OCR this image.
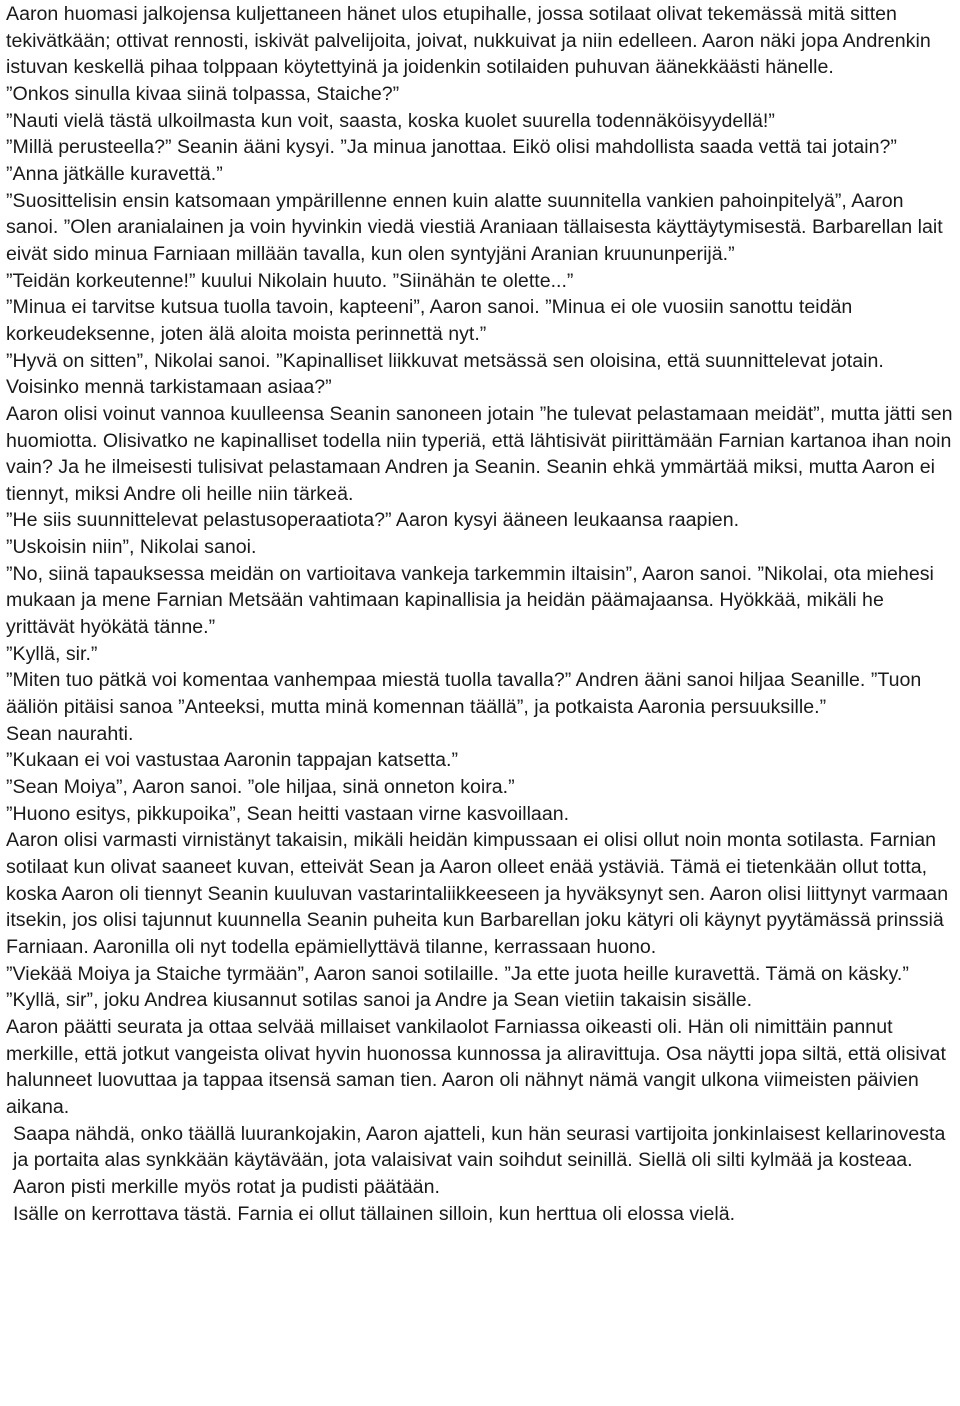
Aaron huomasi jalkojensa kuljettaneen hänet ulos etupihalle, jossa sotilaat olivat tekemässä mitä sitten tekivätkään; ottivat rennosti, iskivät palvelijoita, joivat, nukkuivat ja niin edelleen. Aaron näki jopa Andrenkin istuvan keskellä pihaa tolppaan köytettyinä ja joidenkin sotilaiden puhuvan äänekkäästi hänelle.

”Onkos sinulla kivaa siinä tolpassa, Staiche?”

”Nauti vielä tästä ulkoilmasta kun voit, saasta, koska kuolet suurella todennäköisyydellä!”

”Millä perusteella?” Seanin ääni kysyi. ”Ja minua janottaa. Eikö olisi mahdollista saada vettä tai jotain?”

”Anna jätkälle kuravettä.”

”Suosittelisin ensin katsomaan ympärillenne ennen kuin alatte suunnitella vankien pahoinpitelyä”, Aaron sanoi. ”Olen aranialainen ja voin hyvinkin viedä viestiä Araniaan tällaisesta käyttäytymisestä. Barbarellan lait eivät sido minua Farniaan millään tavalla, kun olen syntyjäni Aranian kruununperijä.”

”Teidän korkeutenne!” kuului Nikolain huuto. ”Siinähän te olette...”

”Minua ei tarvitse kutsua tuolla tavoin, kapteeni”, Aaron sanoi. ”Minua ei ole vuosiin sanottu teidän korkeudeksenne, joten älä aloita moista perinnettä nyt.”

”Hyvä on sitten”, Nikolai sanoi. ”Kapinalliset liikkuvat metsässä sen oloisina, että suunnittelevat jotain. Voisinko mennä tarkistamaan asiaa?”

Aaron olisi voinut vannoa kuulleensa Seanin sanoneen jotain ”he tulevat pelastamaan meidät”, mutta jätti sen huomiotta. Olisivatko ne kapinalliset todella niin typeriä, että lähtisivät piirittämään Farnian kartanoa ihan noin vain? Ja he ilmeisesti tulisivat pelastamaan Andren ja Seanin. Seanin ehkä ymmärtää miksi, mutta Aaron ei tiennyt, miksi Andre oli heille niin tärkeä.

”He siis suunnittelevat pelastusoperaatiota?” Aaron kysyi ääneen leukaansa raapien.

”Uskoisin niin”, Nikolai sanoi.

”No, siinä tapauksessa meidän on vartioitava vankeja tarkemmin iltaisin”, Aaron sanoi. ”Nikolai, ota miehesi mukaan ja mene Farnian Metsään vahtimaan kapinallisia ja heidän päämajaansa. Hyökkää, mikäli he yrittävät hyökätä tänne.”

”Kyllä, sir.”

”Miten tuo pätkä voi komentaa vanhempaa miestä tuolla tavalla?” Andren ääni sanoi hiljaa Seanille. ”Tuon ääliön pitäisi sanoa ”Anteeksi, mutta minä komennan täällä”, ja potkaista Aaronia persuuksille.”

Sean naurahti.

”Kukaan ei voi vastustaa Aaronin tappajan katsetta.”

”Sean Moiya”, Aaron sanoi. ”ole hiljaa, sinä onneton koira.”

”Huono esitys, pikkupoika”, Sean heitti vastaan virne kasvoillaan.

Aaron olisi varmasti virnistänyt takaisin, mikäli heidän kimpussaan ei olisi ollut noin monta sotilasta. Farnian sotilaat kun olivat saaneet kuvan, etteivät Sean ja Aaron olleet enää ystäviä. Tämä ei tietenkään ollut totta, koska Aaron oli tiennyt Seanin kuuluvan vastarintaliikkeeseen ja hyväksynyt sen. Aaron olisi liittynyt varmaan itsekin, jos olisi tajunnut kuunnella Seanin puheita kun Barbarellan joku kätyri oli käynyt pyytämässä prinssiä Farniaan. Aaronilla oli nyt todella epämiellyttävä tilanne, kerrassaan huono.

”Viekää Moiya ja Staiche tyrmään”, Aaron sanoi sotilaille. ”Ja ette juota heille kuravettä. Tämä on käsky.”

”Kyllä, sir”, joku Andrea kiusannut sotilas sanoi ja Andre ja Sean vietiin takaisin sisälle.

Aaron päätti seurata ja ottaa selvää millaiset vankilaolot Farniassa oikeasti oli. Hän oli nimittäin pannut merkille, että jotkut vangeista olivat hyvin huonossa kunnossa ja aliravittuja. Osa näytti jopa siltä, että olisivat halunneet luovuttaa ja tappaa itsensä saman tien. Aaron oli nähnyt nämä vangit ulkona viimeisten päivien aikana.

Saapa nähdä, onko täällä luurankojakin, Aaron ajatteli, kun hän seurasi vartijoita jonkinlaisest kellarinovesta ja portaita alas synkkään käytävään, jota valaisivat vain soihdut seinillä. Siellä oli silti kylmää ja kosteaa.

Aaron pisti merkille myös rotat ja pudisti päätään.

Isälle on kerrottava tästä. Farnia ei ollut tällainen silloin, kun herttua oli elossa vielä.
